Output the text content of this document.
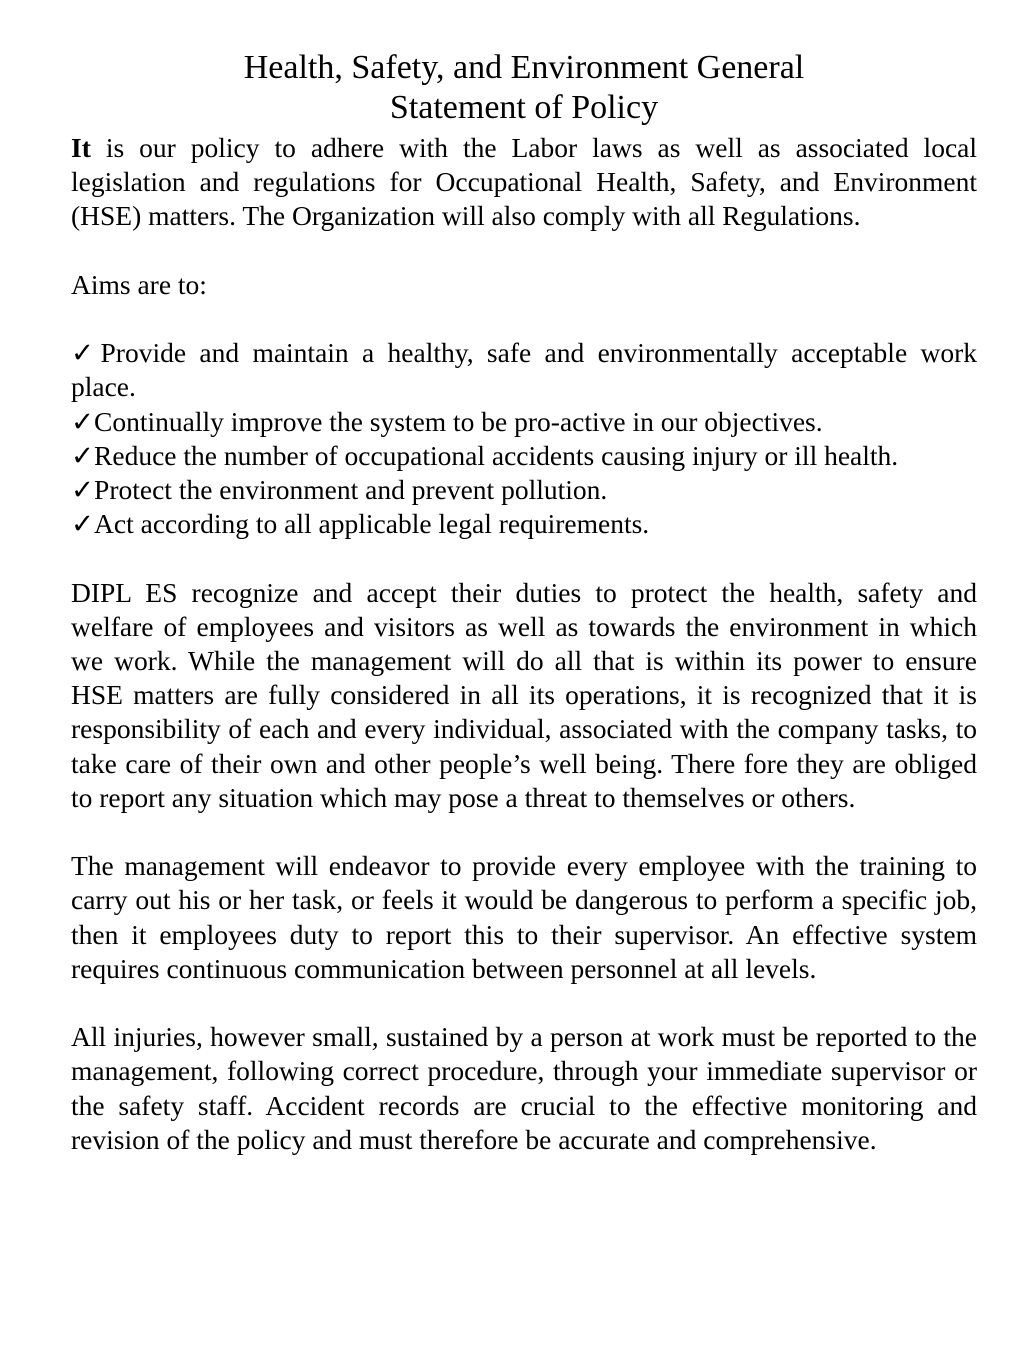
Health, Safety, and Environment General
Statement of Policy

It is our policy to adhere with the Labor laws as well as associated local legislation and regulations for Occupational Health, Safety, and Environment (HSE) matters. The Organization will also comply with all Regulations.

Aims are to:
✓Provide and maintain a healthy, safe and environmentally acceptable work place.
✓Continually improve the system to be pro-active in our objectives.
✓Reduce the number of occupational accidents causing injury or ill health.
✓Protect the environment and prevent pollution.
✓Act according to all applicable legal requirements.

DIPL ES recognize and accept their duties to protect the health, safety and welfare of employees and visitors as well as towards the environment in which we work. While the management will do all that is within its power to ensure HSE matters are fully considered in all its operations, it is recognized that it is responsibility of each and every individual, associated with the company tasks, to take care of their own and other people’s well being. There fore they are obliged to report any situation which may pose a threat to themselves or others.

The management will endeavor to provide every employee with the training to carry out his or her task, or feels it would be dangerous to perform a specific job, then it employees duty to report this to their supervisor. An effective system requires continuous communication between personnel at all levels.

All injuries, however small, sustained by a person at work must be reported to the management, following correct procedure, through your immediate supervisor or the safety staff. Accident records are crucial to the effective monitoring and revision of the policy and must therefore be accurate and comprehensive.
